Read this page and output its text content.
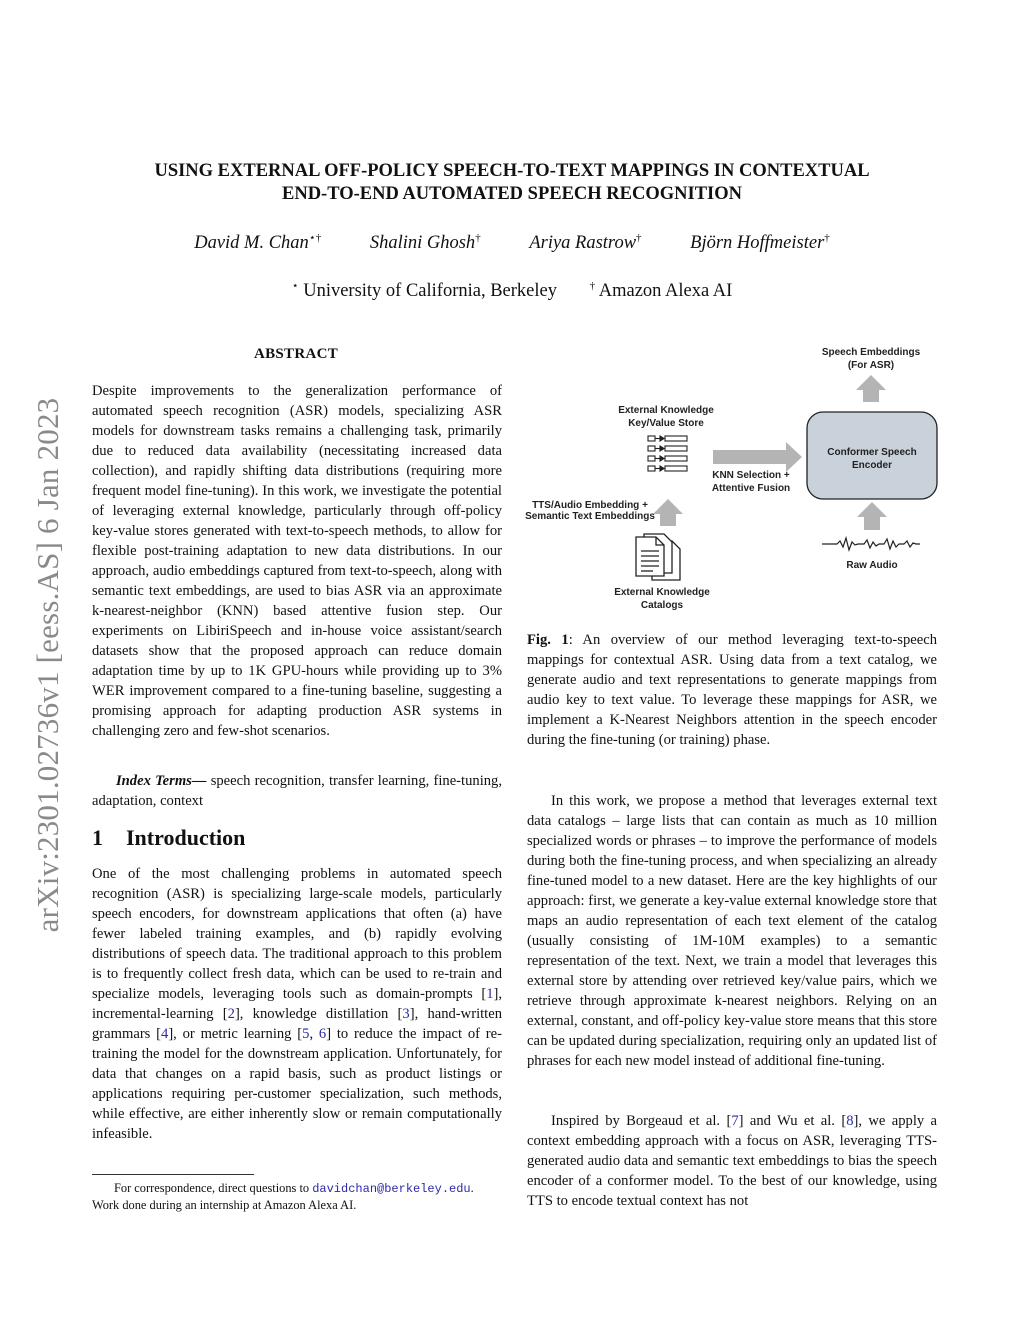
arXiv:2301.02736v1 [eess.AS] 6 Jan 2023
USING EXTERNAL OFF-POLICY SPEECH-TO-TEXT MAPPINGS IN CONTEXTUAL
END-TO-END AUTOMATED SPEECH RECOGNITION
David M. Chan⋆†	Shalini Ghosh†	Ariya Rastrow†	Björn Hoffmeister†
⋆ University of California, Berkeley	† Amazon Alexa AI
ABSTRACT
Despite improvements to the generalization performance of automated speech recognition (ASR) models, specializing ASR models for downstream tasks remains a challenging task, primarily due to reduced data availability (necessitating increased data collection), and rapidly shifting data distributions (requiring more frequent model fine-tuning). In this work, we investigate the potential of leveraging external knowledge, particularly through off-policy key-value stores generated with text-to-speech methods, to allow for flexible post-training adaptation to new data distributions. In our approach, audio embeddings captured from text-to-speech, along with semantic text embeddings, are used to bias ASR via an approximate k-nearest-neighbor (KNN) based attentive fusion step. Our experiments on LibiriSpeech and in-house voice assistant/search datasets show that the proposed approach can reduce domain adaptation time by up to 1K GPU-hours while providing up to 3% WER improvement compared to a fine-tuning baseline, suggesting a promising approach for adapting production ASR systems in challenging zero and few-shot scenarios.
Index Terms— speech recognition, transfer learning, fine-tuning, adaptation, context
1 Introduction
One of the most challenging problems in automated speech recognition (ASR) is specializing large-scale models, particularly speech encoders, for downstream applications that often (a) have fewer labeled training examples, and (b) rapidly evolving distributions of speech data. The traditional approach to this problem is to frequently collect fresh data, which can be used to re-train and specialize models, leveraging tools such as domain-prompts [1], incremental-learning [2], knowledge distillation [3], hand-written grammars [4], or metric learning [5, 6] to reduce the impact of re-training the model for the downstream application. Unfortunately, for data that changes on a rapid basis, such as product listings or applications requiring per-customer specialization, such methods, while effective, are either inherently slow or remain computationally infeasible.
For correspondence, direct questions to davidchan@berkeley.edu.
Work done during an internship at Amazon Alexa AI.
Speech Embeddings
(For ASR)
Conformer Speech
Encoder
Raw Audio
External Knowledge
Key/Value Store
KNN Selection +
Attentive Fusion
TTS/Audio Embedding +
Semantic Text Embeddings
External Knowledge
Catalogs
Fig. 1: An overview of our method leveraging text-to-speech mappings for contextual ASR. Using data from a text catalog, we generate audio and text representations to generate mappings from audio key to text value. To leverage these mappings for ASR, we implement a K-Nearest Neighbors attention in the speech encoder during the fine-tuning (or training) phase.
In this work, we propose a method that leverages external text data catalogs – large lists that can contain as much as 10 million specialized words or phrases – to improve the performance of models during both the fine-tuning process, and when specializing an already fine-tuned model to a new dataset. Here are the key highlights of our approach: first, we generate a key-value external knowledge store that maps an audio representation of each text element of the catalog (usually consisting of 1M-10M examples) to a semantic representation of the text. Next, we train a model that leverages this external store by attending over retrieved key/value pairs, which we retrieve through approximate k-nearest neighbors. Relying on an external, constant, and off-policy key-value store means that this store can be updated during specialization, requiring only an updated list of phrases for each new model instead of additional fine-tuning.
Inspired by Borgeaud et al. [7] and Wu et al. [8], we apply a context embedding approach with a focus on ASR, leveraging TTS-generated audio data and semantic text embeddings to bias the speech encoder of a conformer model. To the best of our knowledge, using TTS to encode textual context has not
